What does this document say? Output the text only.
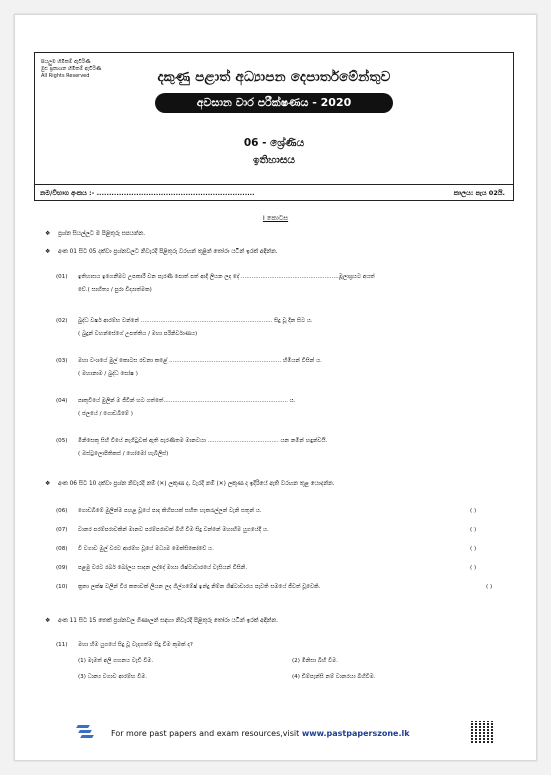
සියලුම හිමිකම් ඇවිරිණි
මුළු ප්‍රකාශන හිමිකම් ඇවිරිණි
All Rights Reserved	දකුණු පළාත් අධ්‍යාපන දෙපාර්තමේන්තුව
අවසාන වාර පරීක්ෂණය - 2020
06 - ශ්‍රේණිය
ඉතිහාසය
නම/විභාග අංකය :- ................................................................	කාලය: පැය 02යි.
I කොටස
❖ ප්‍රශ්න සියල්ලට ම පිළිතුරු සපයන්න.
❖ අංක 01 සිට 05 දක්වා ප්‍රශ්නවලට නිවැරදි පිළිතුරු වරහන් තුළින් තෝරා යටින් ඉරක් අඳින්න.
(01) ඉතිහාසය ඉගෙනීමට උපකාරී වන පැරණි පොත් පත් ආදී ලියන ලද දේ .......................................................මූලාශ්‍රයට අයත්
වේ.( සාහිත්‍ය / පුරා විද්‍යාත්මක)
(02) බුද්ධ වර්ෂ ආරම්භ වන්නේ .......................................................................... සිදු වූ දින සිට ය.
( බුදුන් වහන්සේගේ උපත්තිය / මහා පරිනිර්වාණය)
(03) මහා වංශයේ මුල් කොටස රචනා කළේ ............................................................... හිමියන් විසින් ය.
( මහානාම / බුද්ධ ඝෝෂ )
(04) පෘතුවියේ මුලින් ම ජීවින් හට ගත්තේ...................................................................... ය.
( ජලයේ / ගොඩබිමේ )
(05) මිනිසෙකු සිහි වියේ නැගිටුවක් ඇති පැරණිතම මානවයා ........................................ යන නමින් හඳුන්වයි.
( ඔස්ට්‍රලොපිතිකස් / හෝමෝ හැබිලිස්)
❖ අංක 06 සිට 10 දක්වා ප්‍රශ්න නිවැරදි නම් (✕) ලකුණ ද, වැරදි නම් (✕) ලකුණ ද ඉදිරියේ ඇති වරහන තුළ යොදන්න.
(06) ගොඩබිමේ මුලින්ම පහළ වූයේ පාද කිහිපයක් සහිත හැකරැල්ලන් වැනි සතුන් ය.	( )
(07) වානර පරම්පරාවකින් මානව පරම්පරාවක් බිහි වීම සිදු වන්නේ මහාහිම යුගයේදී ය.	( )
(08) වී වගාව මුල් වරට ආරම්භ වූයේ මධ්‍යම මෙක්සිකෝවේ ය.	( )
(09) පළමු වරට රබර් බෝලය සාදන ලද්දේ මායා ශිෂ්ටාචාරයේ වැසියන් විසිනි.	( )
(10) ක්‍රතා ලක්ෂ වලින් වීර කතාවක් ලියන ලද ගිල්ගමේෂ් ඉන්දු නිම්න ශිෂ්ටාචාරය පැවති සමයේ ජීවත් වූවෙකි.	( )
❖ අංක 11 සිට 15 තෙක් ප්‍රශ්නවල ගිණාලන් සඳහා නිවැරදි පිළිතුරු තෝරා යටින් ඉරක් අඳින්න.
(11) මහා හිම යුගයේ සිදු වූ වැදගත්ම සිදු වීම කුමක් ද?
(1) මැමත් අලි ගහනය වැඩි වීම.	(2) මිනිසා බිහි වීම.
(3) ධාන්‍ය වගාව ආරම්භ වීම.	(4) ඩිම්පැන්සි නම් වානරයා බිහිවීම.
For more past papers and exam resources,visit www.pastpaperszone.lk
